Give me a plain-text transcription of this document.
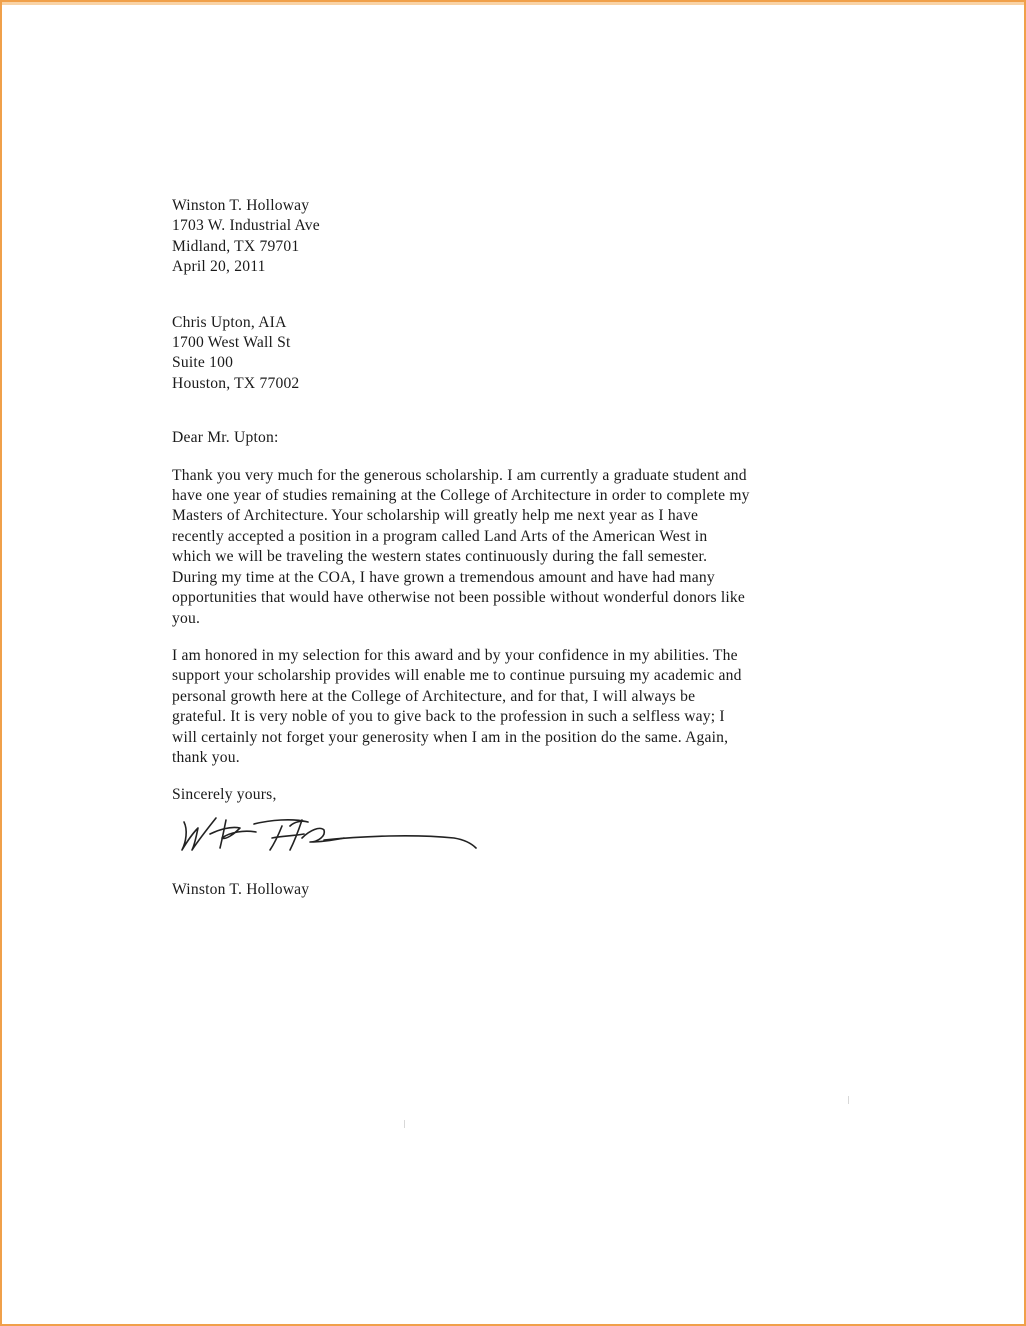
Winston T. Holloway
1703 W. Industrial Ave
Midland, TX 79701
April 20, 2011
Chris Upton, AIA
1700 West Wall St
Suite 100
Houston, TX 77002
Dear Mr. Upton:
Thank you very much for the generous scholarship. I am currently a graduate student and
have one year of studies remaining at the College of Architecture in order to complete my
Masters of Architecture. Your scholarship will greatly help me next year as I have
recently accepted a position in a program called Land Arts of the American West in
which we will be traveling the western states continuously during the fall semester.
During my time at the COA, I have grown a tremendous amount and have had many
opportunities that would have otherwise not been possible without wonderful donors like
you.
I am honored in my selection for this award and by your confidence in my abilities. The
support your scholarship provides will enable me to continue pursuing my academic and
personal growth here at the College of Architecture, and for that, I will always be
grateful. It is very noble of you to give back to the profession in such a selfless way; I
will certainly not forget your generosity when I am in the position do the same. Again,
thank you.
Sincerely yours,
Winston T. Holloway
